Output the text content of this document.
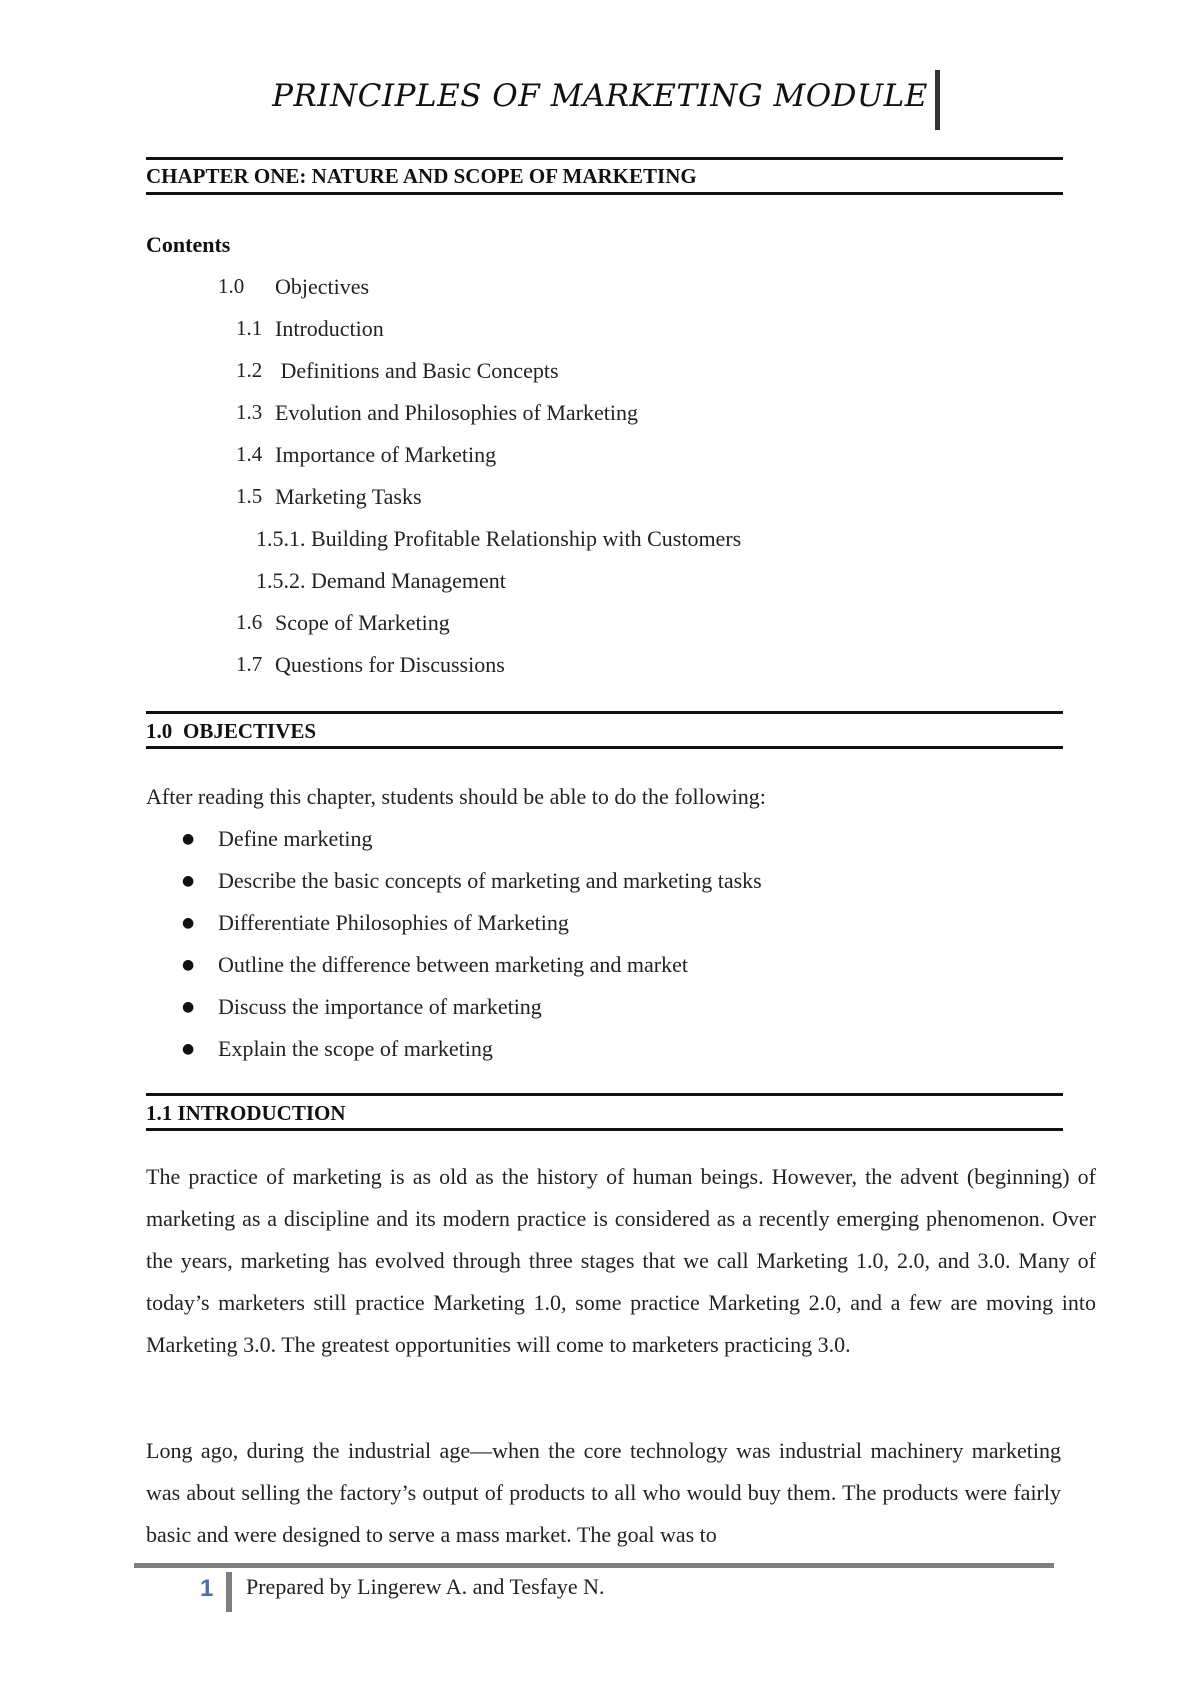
PRINCIPLES OF MARKETING MODULE
CHAPTER ONE: NATURE AND SCOPE OF MARKETING
Contents
1.0 Objectives
1.1 Introduction
1.2 Definitions and Basic Concepts
1.3 Evolution and Philosophies of Marketing
1.4 Importance of Marketing
1.5 Marketing Tasks
1.5.1. Building Profitable Relationship with Customers
1.5.2. Demand Management
1.6 Scope of Marketing
1.7 Questions for Discussions
1.0 OBJECTIVES
After reading this chapter, students should be able to do the following:
● Define marketing
● Describe the basic concepts of marketing and marketing tasks
● Differentiate Philosophies of Marketing
● Outline the difference between marketing and market
● Discuss the importance of marketing
● Explain the scope of marketing
1.1 INTRODUCTION
The practice of marketing is as old as the history of human beings. However, the advent (beginning) of marketing as a discipline and its modern practice is considered as a recently emerging phenomenon. Over the years, marketing has evolved through three stages that we call Marketing 1.0, 2.0, and 3.0. Many of today’s marketers still practice Marketing 1.0, some practice Marketing 2.0, and a few are moving into Marketing 3.0. The greatest opportunities will come to marketers practicing 3.0.
Long ago, during the industrial age—when the core technology was industrial machinery marketing was about selling the factory’s output of products to all who would buy them. The products were fairly basic and were designed to serve a mass market. The goal was to
1 Prepared by Lingerew A. and Tesfaye N.
